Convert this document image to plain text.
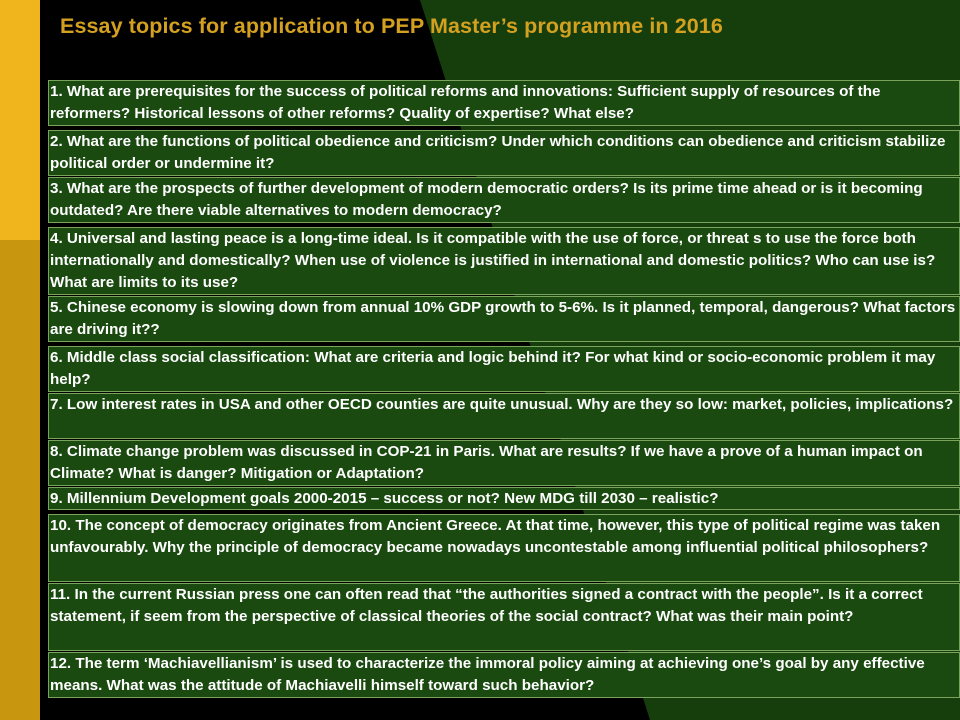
Essay topics for application to PEP Master’s programme in 2016
1. What are prerequisites for the success of political reforms and innovations: Sufficient supply of resources of the reformers? Historical lessons of other reforms? Quality of expertise? What else?
2. What are the functions of political obedience and criticism? Under which conditions can obedience and criticism stabilize political order or undermine it?
3. What are the prospects of further development of modern democratic orders? Is its prime time ahead or is it becoming outdated? Are there viable alternatives to modern democracy?
4. Universal and lasting peace is a long-time ideal. Is it compatible with the use of force, or threat s to use the force both internationally and domestically? When use of violence is justified in international and domestic politics? Who can use is? What are limits to its use?
5. Chinese economy is slowing down from annual 10% GDP growth to 5-6%. Is it planned, temporal, dangerous? What factors are driving it??
6. Middle class social classification: What are criteria and logic behind it? For what kind or socio-economic problem it may help?
7. Low interest rates in USA and other OECD counties are quite unusual. Why are they so low: market, policies, implications?
8. Climate change problem was discussed in COP-21 in Paris. What are results? If we have a prove of a human impact on Climate? What is danger? Mitigation or Adaptation?
9. Millennium Development goals 2000-2015 – success or not? New MDG till 2030 – realistic?
10. The concept of democracy originates from Ancient Greece. At that time, however, this type of political regime was taken unfavourably. Why the principle of democracy became nowadays uncontestable among influential political philosophers?
11. In the current Russian press one can often read that “the authorities signed a contract with the people”. Is it a correct statement, if seem from the perspective of classical theories of the social contract? What was their main point?
12. The term ‘Machiavellianism’ is used to characterize the immoral policy aiming at achieving one’s goal by any effective means. What was the attitude of Machiavelli himself toward such behavior?
